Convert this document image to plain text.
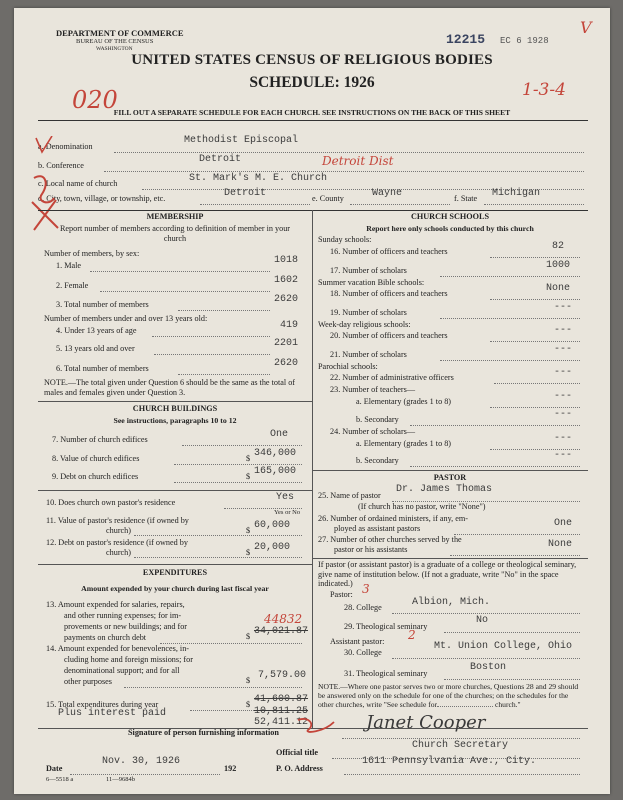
DEPARTMENT OF COMMERCE
BUREAU OF THE CENSUS
WASHINGTON
12215 EC 6 1928
V
UNITED STATES CENSUS OF RELIGIOUS BODIES
SCHEDULE: 1926
020	1-3-4
FILL OUT A SEPARATE SCHEDULE FOR EACH CHURCH. SEE INSTRUCTIONS ON THE BACK OF THIS SHEET
a. Denomination
Methodist Episcopal
b. Conference
Detroit	Detroit Dist
c. Local name of church	St. Mark's M. E. Church
d. City, town, village, or township, etc.	Detroit	e. County	Wayne	f. State Michigan
MEMBERSHIP
Report number of members according to definition of member in your church
Number of members, by sex:
1. Male	1018
2. Female	1602
3. Total number of members	2620
Number of members under and over 13 years old:
4. Under 13 years of age	419
5. 13 years old and over	2201
6. Total number of members	2620
NOTE.—The total given under Question 6 should be the same as the total of males and females given under Question 3.
CHURCH BUILDINGS
See instructions, paragraphs 10 to 12
7. Number of church edifices	One
8. Value of church edifices	$ 346,000
9. Debt on church edifices	$ 165,000
10. Does church own pastor's residence	Yes
Yes or No
11. Value of pastor's residence (if owned by
church)	$ 60,000
12. Debt on pastor's residence (if owned by
church)	$ 20,000
EXPENDITURES
Amount expended by your church during last fiscal year
13. Amount expended for salaries, repairs,
and other running expenses; for im-
provements or new buildings; and for
payments on church debt
44832
$ 34,021.87
14. Amount expended for benevolences, in-
cluding home and foreign missions; for
denominational support; and for all
other purposes	$ 7,579.00
15. Total expenditures during year	$ 41,600.87
Plus interest paid	10,811.25
52,411.12
CHURCH SCHOOLS
Report here only schools conducted by this church
Sunday schools:
16. Number of officers and teachers	82
17. Number of scholars	1000
Summer vacation Bible schools:
18. Number of officers and teachers	None
19. Number of scholars	---
Week-day religious schools:
20. Number of officers and teachers	---
21. Number of scholars	---
Parochial schools:
22. Number of administrative officers	---
23. Number of teachers—
a. Elementary (grades 1 to 8)	---
b. Secondary	---
24. Number of scholars—
a. Elementary (grades 1 to 8)	---
b. Secondary	---
PASTOR
25. Name of pastor
Dr. James Thomas
(If church has no pastor, write "None")
26. Number of ordained ministers, if any, em-
ployed as assistant pastors	One
27. Number of other churches served by the
pastor or his assistants	None
If pastor (or assistant pastor) is a graduate of a college or theological seminary, give name of institution below. (If not a graduate, write "No" in the space indicated.)
Pastor: 3
28. College	Albion, Mich.
29. Theological seminary
No
Assistant pastor: 2
30. College
Mt. Union College, Ohio
31. Theological seminary
Boston
NOTE.—Where one pastor serves two or more churches, Questions 28 and 29 should be answered only on the schedule for one of the churches; on the schedules for the other churches, write "See schedule for	church."
Signature of person furnishing information	Janet Cooper
Official title
Church Secretary
Date
Nov. 30, 1926
192	P. O. Address
1611 Pennsylvania Ave., City.
6—5518 a	11—9684b
